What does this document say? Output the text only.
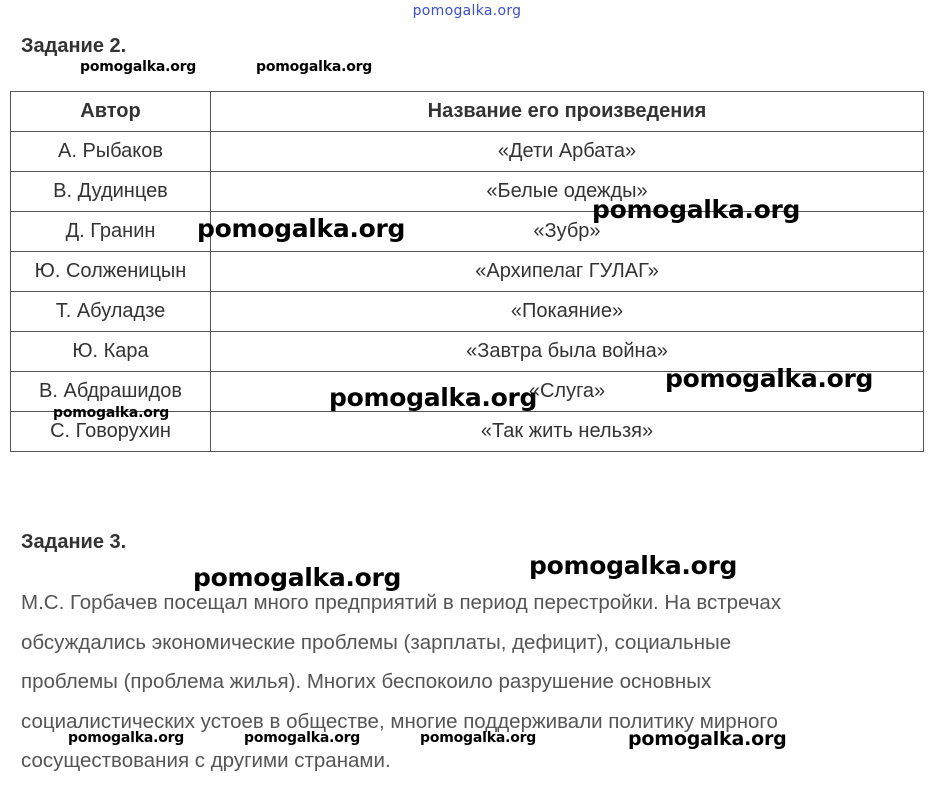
pomogalka.org
Задание 2.
Автор	Название его произведения
А. Рыбаков	«Дети Арбата»
В. Дудинцев	«Белые одежды»
Д. Гранин	«Зубр»
Ю. Солженицын	«Архипелаг ГУЛАГ»
Т. Абуладзе	«Покаяние»
Ю. Кара	«Завтра была война»
В. Абдрашидов	«Слуга»
С. Говорухин	«Так жить нельзя»
Задание 3.
М.С. Горбачев посещал много предприятий в период перестройки. На встречах
обсуждались экономические проблемы (зарплаты, дефицит), социальные
проблемы (проблема жилья). Многих беспокоило разрушение основных
социалистических устоев в обществе, многие поддерживали политику мирного
сосуществования с другими странами.
pomogalka.org	pomogalka.org
pomogalka.org
pomogalka.org
pomogalka.org
pomogalka.org
pomogalka.org
pomogalka.org	pomogalka.org
pomogalka.org	pomogalka.org	pomogalka.org	pomogalka.org
